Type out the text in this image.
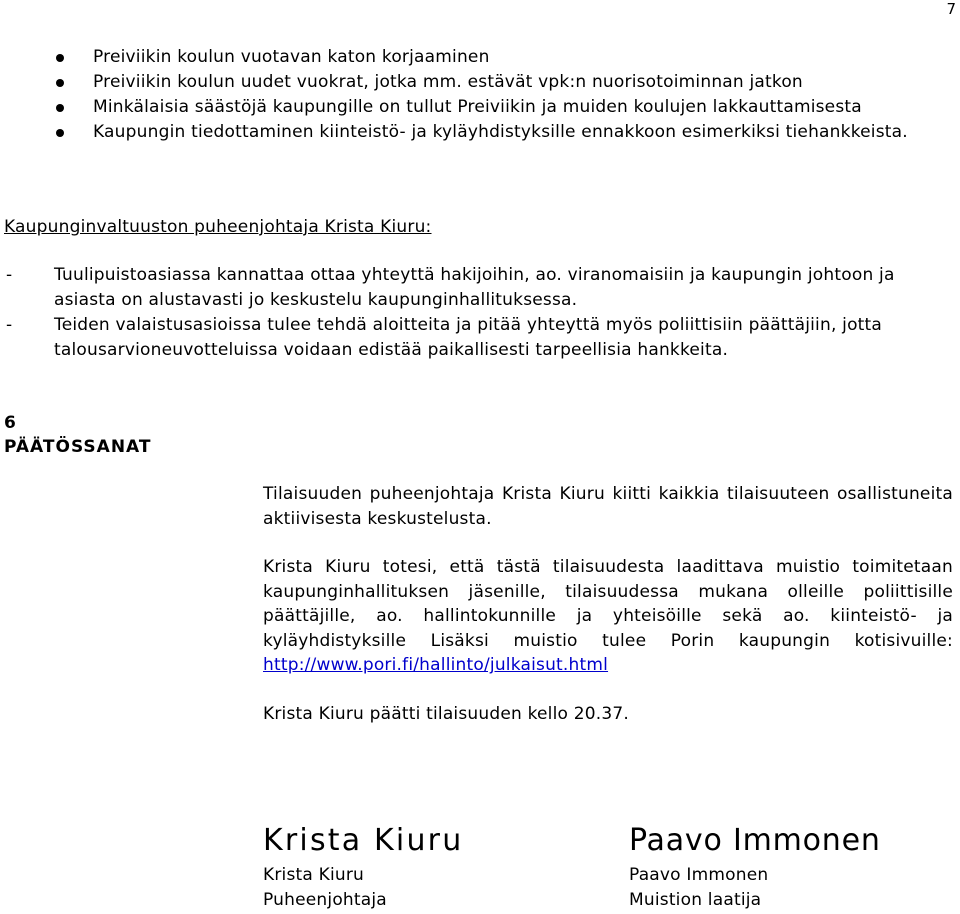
7
Preiviikin koulun vuotavan katon korjaaminen
Preiviikin koulun uudet vuokrat, jotka mm. estävät vpk:n nuorisotoiminnan jatkon
Minkälaisia säästöjä kaupungille on tullut Preiviikin ja muiden koulujen lakkauttamisesta
Kaupungin tiedottaminen kiinteistö- ja kyläyhdistyksille ennakkoon esimerkiksi tiehankkeista.
Kaupunginvaltuuston puheenjohtaja Krista Kiuru:
- Tuulipuistoasiassa kannattaa ottaa yhteyttä hakijoihin, ao. viranomaisiin ja kaupungin johtoon ja asiasta on alustavasti jo keskustelu kaupunginhallituksessa.
- Teiden valaistusasioissa tulee tehdä aloitteita ja pitää yhteyttä myös poliittisiin päättäjiin, jotta talousarvioneuvotteluissa voidaan edistää paikallisesti tarpeellisia hankkeita.
6
PÄÄTÖSSANAT

Tilaisuuden puheenjohtaja Krista Kiuru kiitti kaikkia tilaisuuteen osallistuneita aktiivisesta keskustelusta.

Krista Kiuru totesi, että tästä tilaisuudesta laadittava muistio toimitetaan kaupunginhallituksen jäsenille, tilaisuudessa mukana olleille poliittisille päättäjille, ao. hallintokunnille ja yhteisöille sekä ao. kiinteistö- ja kyläyhdistyksille Lisäksi muistio tulee Porin kaupungin kotisivuille: http://www.pori.fi/hallinto/julkaisut.html

Krista Kiuru päätti tilaisuuden kello 20.37.

Krista Kiuru
Krista Kiuru
Puheenjohtaja
Paavo Immonen
Paavo Immonen
Muistion laatija
